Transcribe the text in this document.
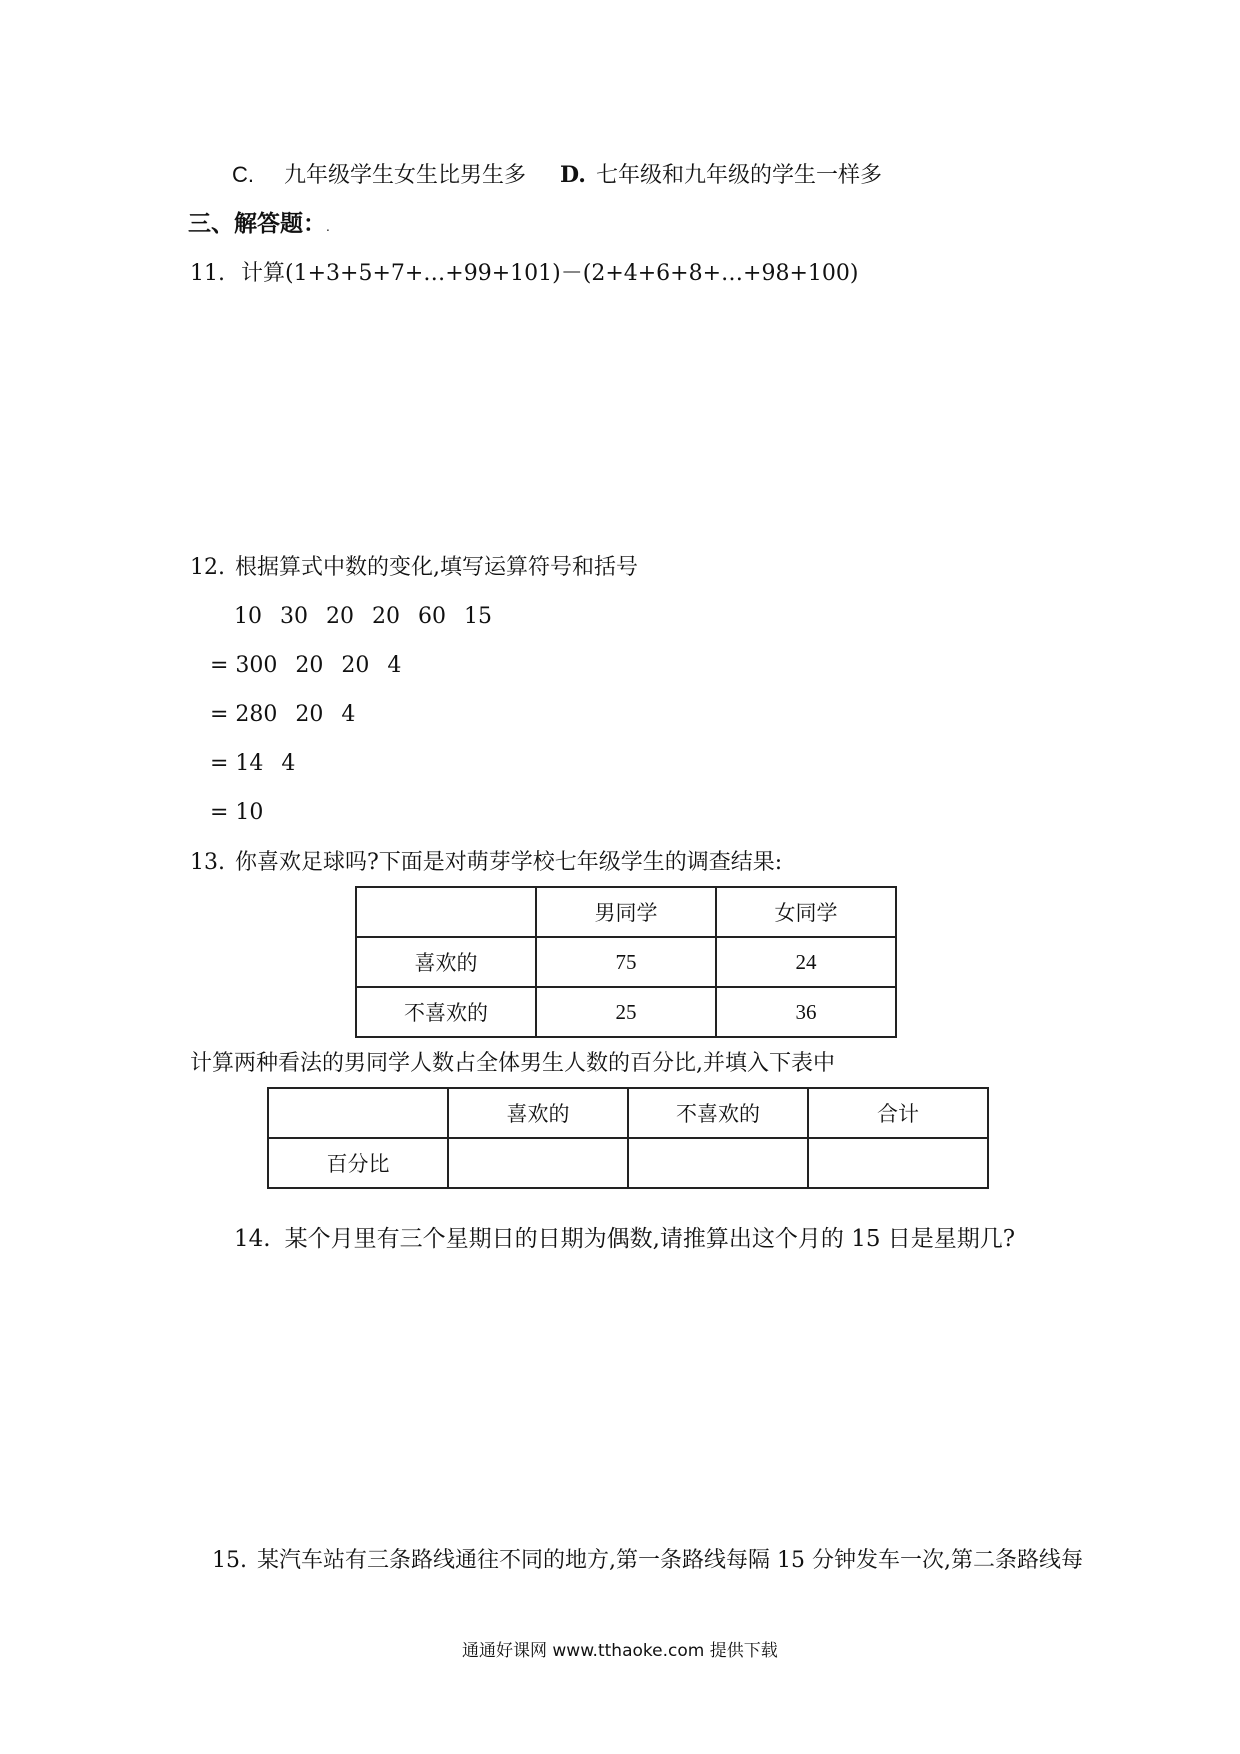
C. 九年级学生女生比男生多 D. 七年级和九年级的学生一样多
三、解答题：.
11. 计算(1+3+5+7+…+99+101)－(2+4+6+8+…+98+100)
12. 根据算式中数的变化,填写运算符号和括号
10 30 20 20 60 15
= 300 20 20 4
= 280 20 4
= 14 4
= 10
13. 你喜欢足球吗?下面是对萌芽学校七年级学生的调查结果:
	男同学	女同学
喜欢的	75	24
不喜欢的	25	36
计算两种看法的男同学人数占全体男生人数的百分比,并填入下表中
	喜欢的	不喜欢的	合计
百分比			
14. 某个月里有三个星期日的日期为偶数,请推算出这个月的 15 日是星期几?
15. 某汽车站有三条路线通往不同的地方,第一条路线每隔 15 分钟发车一次,第二条路线每
通通好课网 www.tthaoke.com 提供下载
